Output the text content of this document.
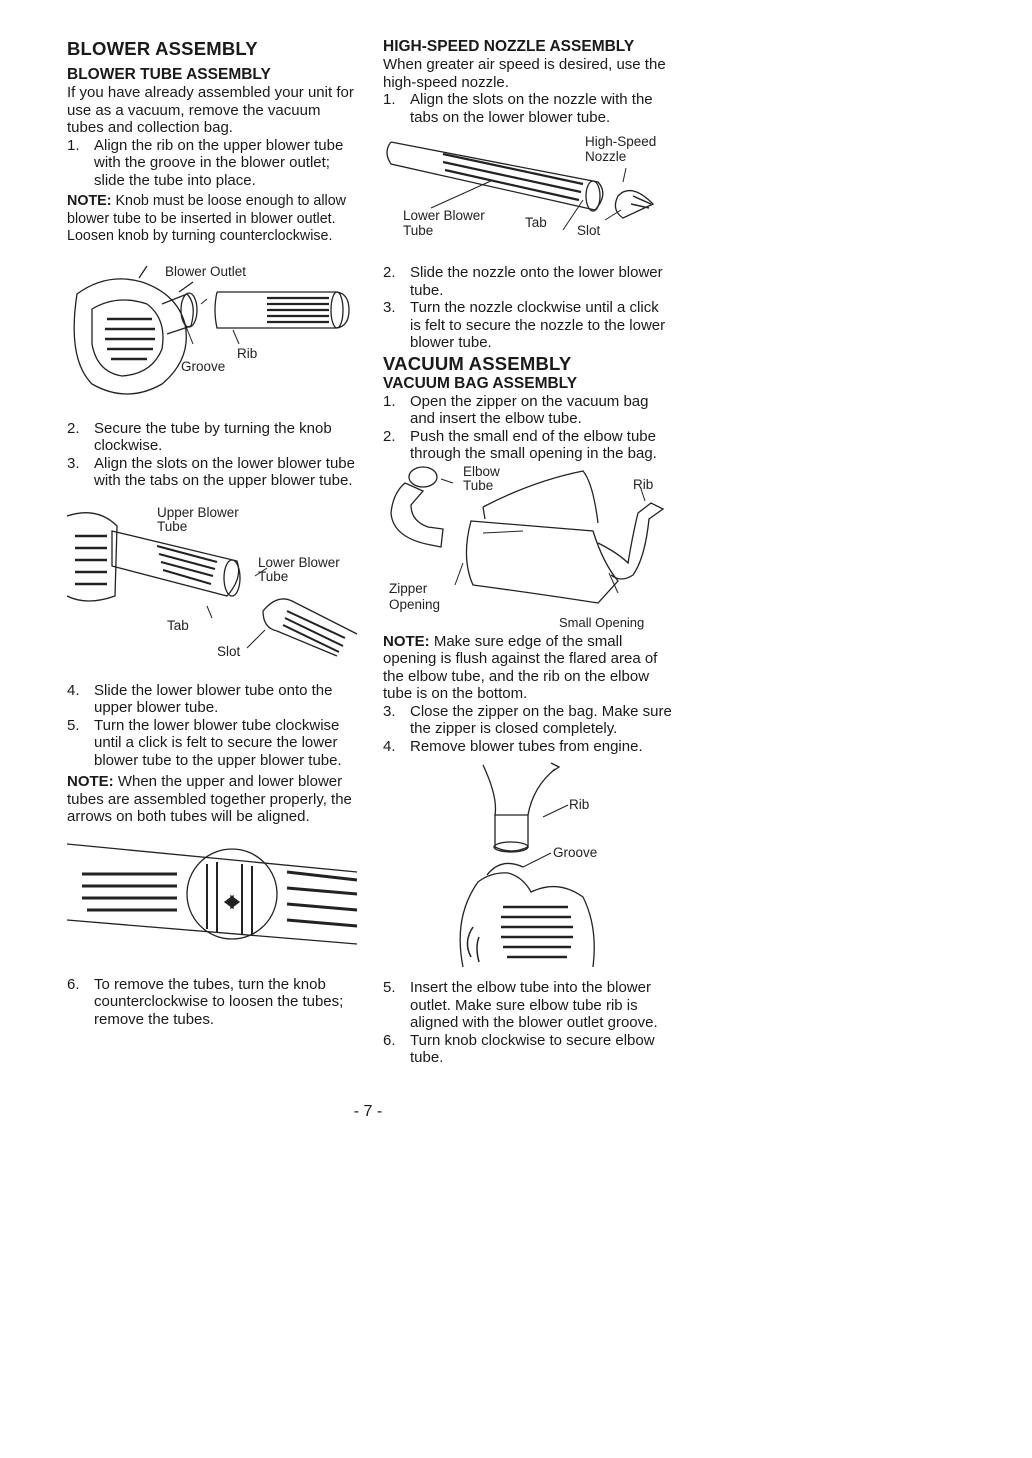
BLOWER ASSEMBLY
BLOWER TUBE ASSEMBLY

If you have already assembled your unit for use as a vacuum, remove the vacuum tubes and collection bag.

1. Align the rib on the upper blower tube with the groove in the blower outlet; slide the tube into place.

NOTE: Knob must be loose enough to allow blower tube to be inserted in blower outlet. Loosen knob by turning counterclockwise.

Blower Outlet
Rib
Groove
2. Secure the tube by turning the knob clockwise.
3. Align the slots on the lower blower tube with the tabs on the upper blower tube.
Upper Blower Tube
Lower Blower Tube
Tab
Slot
4. Slide the lower blower tube onto the upper blower tube.
5. Turn the lower blower tube clockwise until a click is felt to secure the lower blower tube to the upper blower tube.

NOTE: When the upper and lower blower tubes are assembled together properly, the arrows on both tubes will be aligned.

6. To remove the tubes, turn the knob counterclockwise to loosen the tubes; remove the tubes.
HIGH-SPEED NOZZLE ASSEMBLY

When greater air speed is desired, use the high-speed nozzle.

1. Align the slots on the nozzle with the tabs on the lower blower tube.
High-Speed Nozzle
Lower Blower Tube
Tab
Slot
2. Slide the nozzle onto the lower blower tube.
3. Turn the nozzle clockwise until a click is felt to secure the nozzle to the lower blower tube.
VACUUM ASSEMBLY
VACUUM BAG ASSEMBLY
1. Open the zipper on the vacuum bag and insert the elbow tube.
2. Push the small end of the elbow tube through the small opening in the bag.
Elbow Tube	Rib
Zipper Opening
Small Opening

NOTE: Make sure edge of the small opening is flush against the flared area of the elbow tube, and the rib on the elbow tube is on the bottom.

3. Close the zipper on the bag. Make sure the zipper is closed completely.
4. Remove blower tubes from engine.
Rib
Groove
5. Insert the elbow tube into the blower outlet. Make sure elbow tube rib is aligned with the blower outlet groove.
6. Turn knob clockwise to secure elbow tube.
- 7 -
